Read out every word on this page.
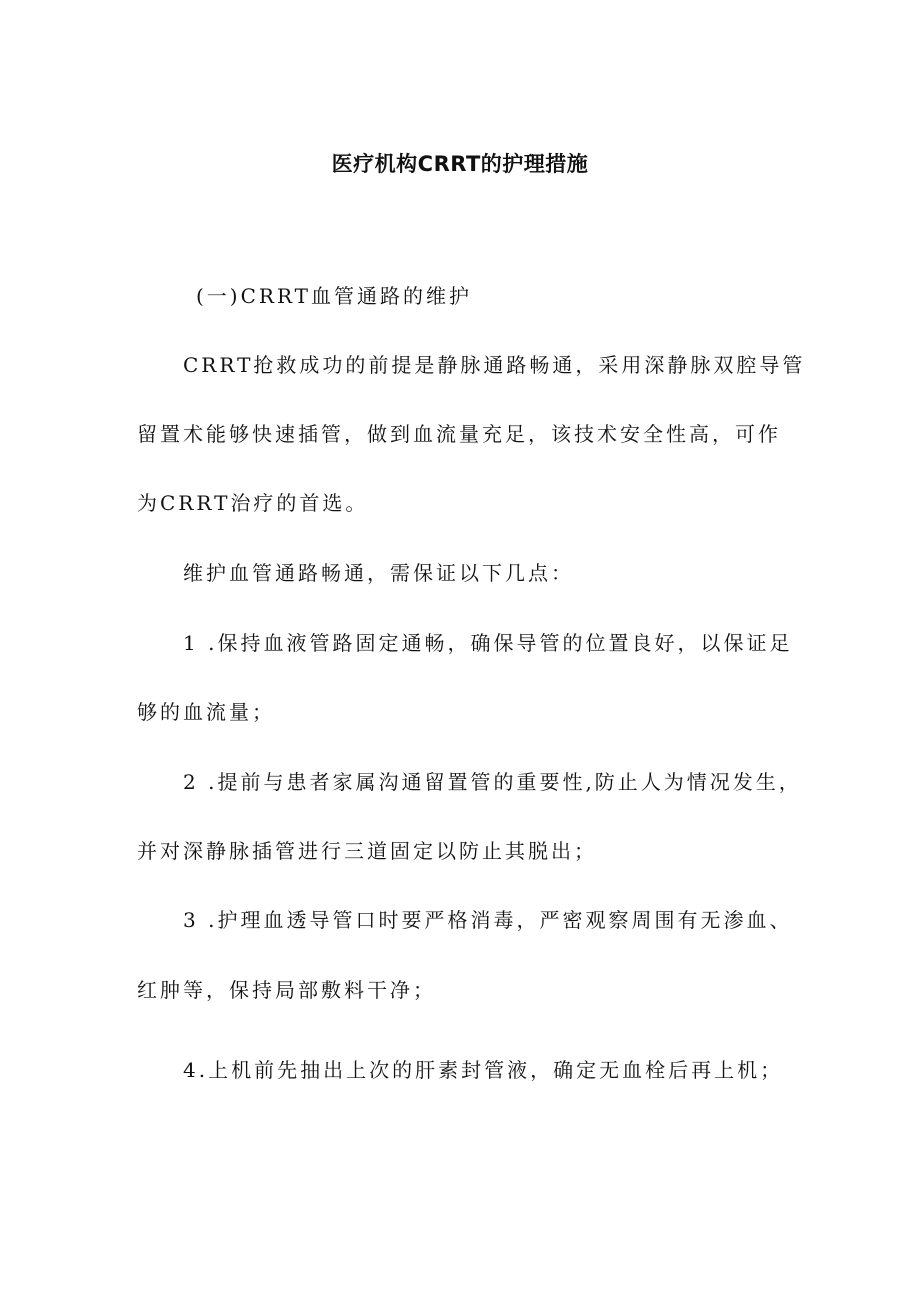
医疗机构CRRT的护理措施

(一)CRRT血管通路的维护

CRRT抢救成功的前提是静脉通路畅通，采用深静脉双腔导管

留置术能够快速插管，做到血流量充足，该技术安全性高，可作

为CRRT治疗的首选。

维护血管通路畅通，需保证以下几点：

1 .保持血液管路固定通畅，确保导管的位置良好，以保证足

够的血流量；

2 .提前与患者家属沟通留置管的重要性,防止人为情况发生，

并对深静脉插管进行三道固定以防止其脱出；

3 .护理血透导管口时要严格消毒，严密观察周围有无渗血、

红肿等，保持局部敷料干净；

4.上机前先抽出上次的肝素封管液，确定无血栓后再上机；
